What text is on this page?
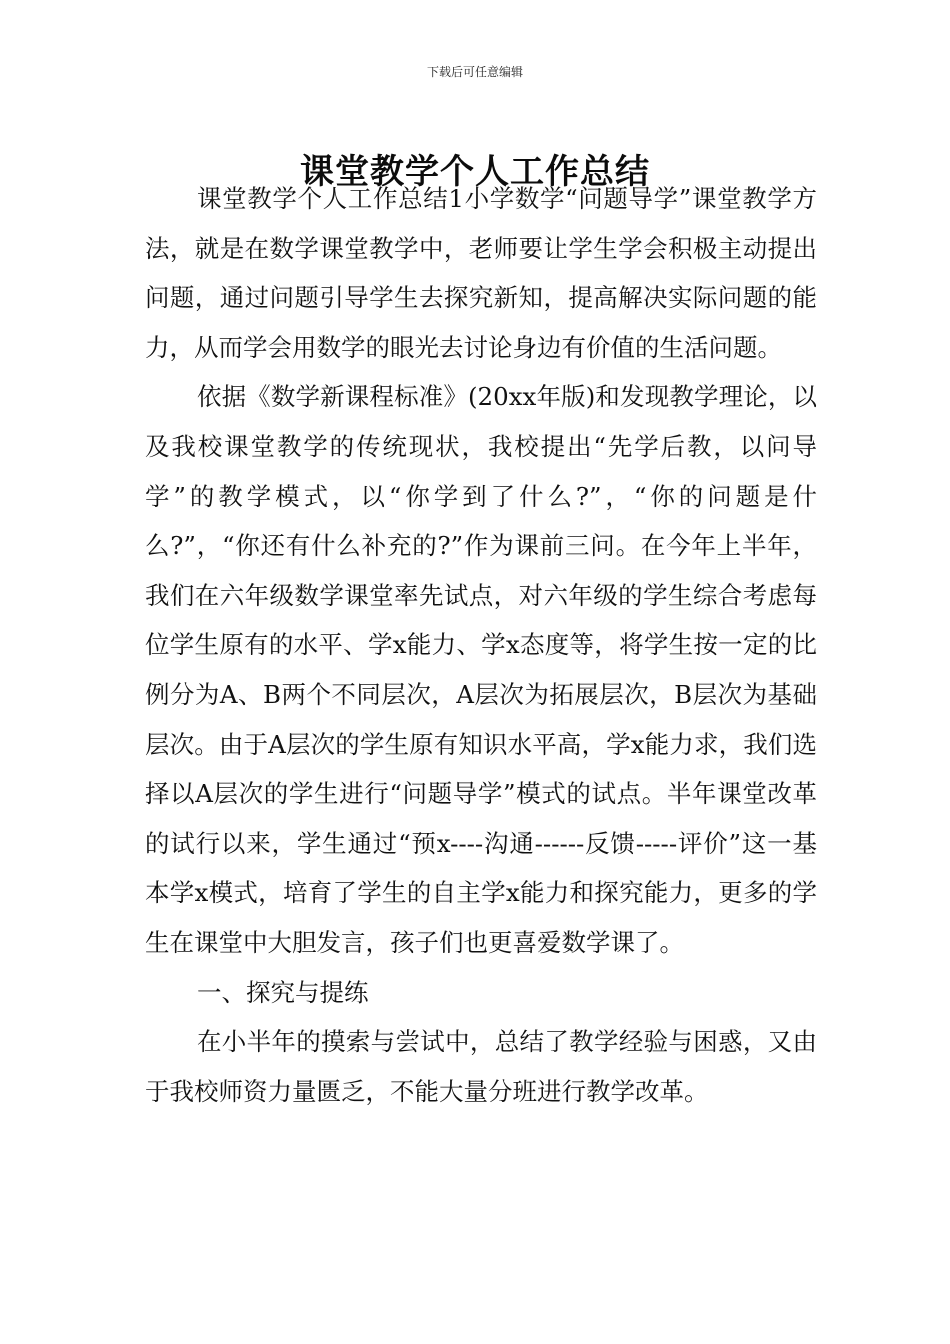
下载后可任意编辑
课堂教学个人工作总结

课堂教学个人工作总结1小学数学“问题导学”课堂教学方法，就是在数学课堂教学中，老师要让学生学会积极主动提出问题，通过问题引导学生去探究新知，提高解决实际问题的能力，从而学会用数学的眼光去讨论身边有价值的生活问题。

依据《数学新课程标准》(20xx年版)和发现教学理论，以及我校课堂教学的传统现状，我校提出“先学后教，以问导学”的教学模式，以“你学到了什么?”，“你的问题是什么?”，“你还有什么补充的?”作为课前三问。在今年上半年，我们在六年级数学课堂率先试点，对六年级的学生综合考虑每位学生原有的水平、学x能力、学x态度等，将学生按一定的比例分为A、B两个不同层次，A层次为拓展层次，B层次为基础层次。由于A层次的学生原有知识水平高，学x能力求，我们选择以A层次的学生进行“问题导学”模式的试点。半年课堂改革的试行以来，学生通过“预x----沟通------反馈-----评价”这一基本学x模式，培育了学生的自主学x能力和探究能力，更多的学生在课堂中大胆发言，孩子们也更喜爱数学课了。

一、探究与提练

在小半年的摸索与尝试中，总结了教学经验与困惑，又由于我校师资力量匮乏，不能大量分班进行教学改革。
